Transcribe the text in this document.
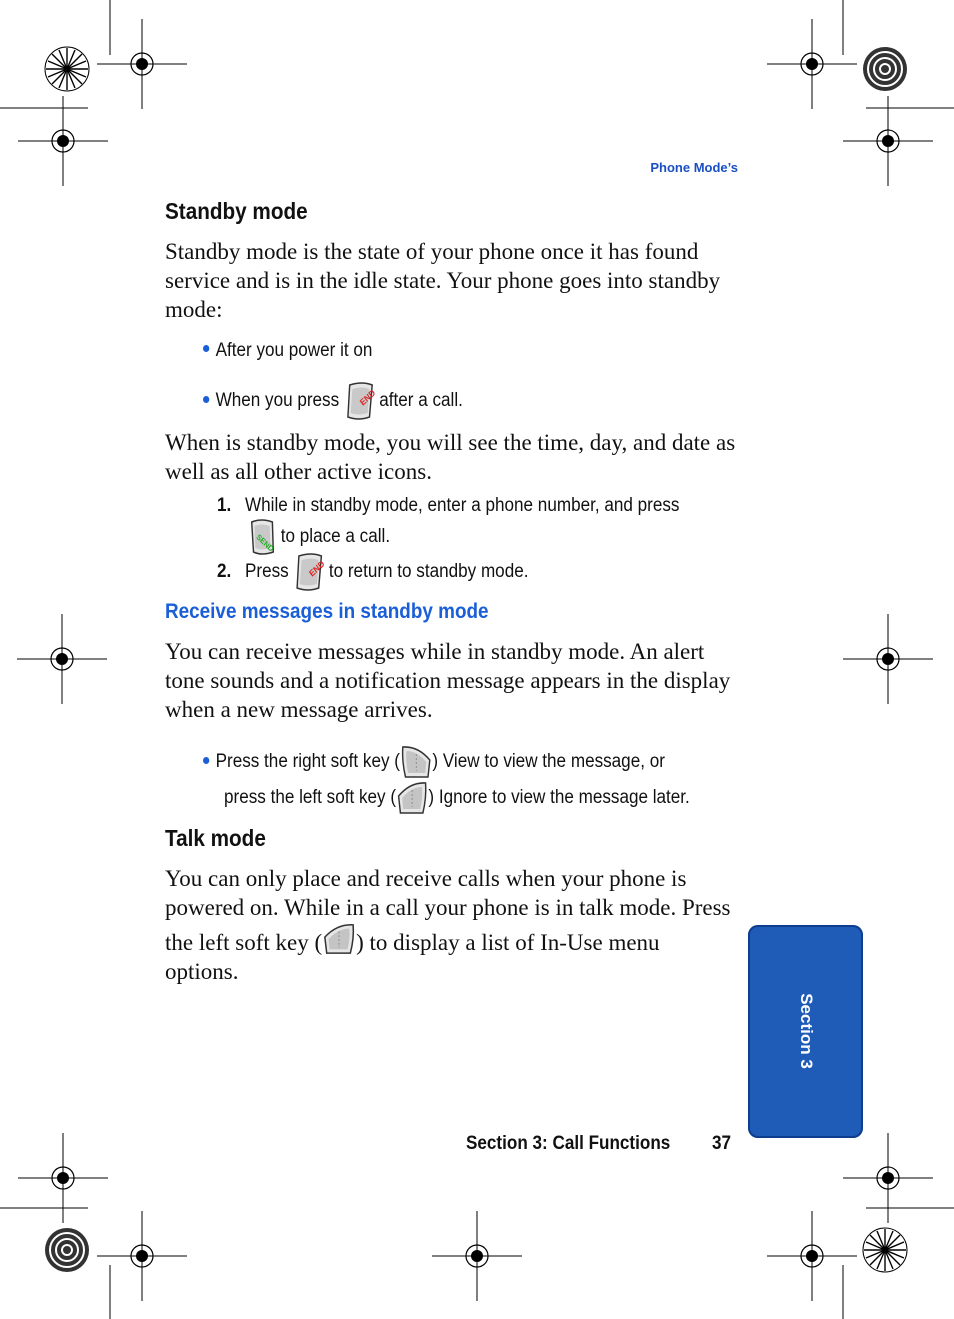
Phone Mode’s
Standby mode
Standby mode is the state of your phone once it has found service and is in the idle state. Your phone goes into standby mode:
After you power it on
When you press END after a call.
When is standby mode, you will see the time, day, and date as well as all other active icons.
1. While in standby mode, enter a phone number, and press
SEND to place a call.
2. Press END to return to standby mode.
Receive messages in standby mode
You can receive messages while in standby mode. An alert tone sounds and a notification message appears in the display when a new message arrives.
Press the right soft key ( ) View to view the message, or
press the left soft key ( ) Ignore to view the message later.
Talk mode
You can only place and receive calls when your phone is powered on. While in a call your phone is in talk mode. Press the left soft key ( ) to display a list of In-Use menu options.
Section 3
Section 3: Call Functions 37
